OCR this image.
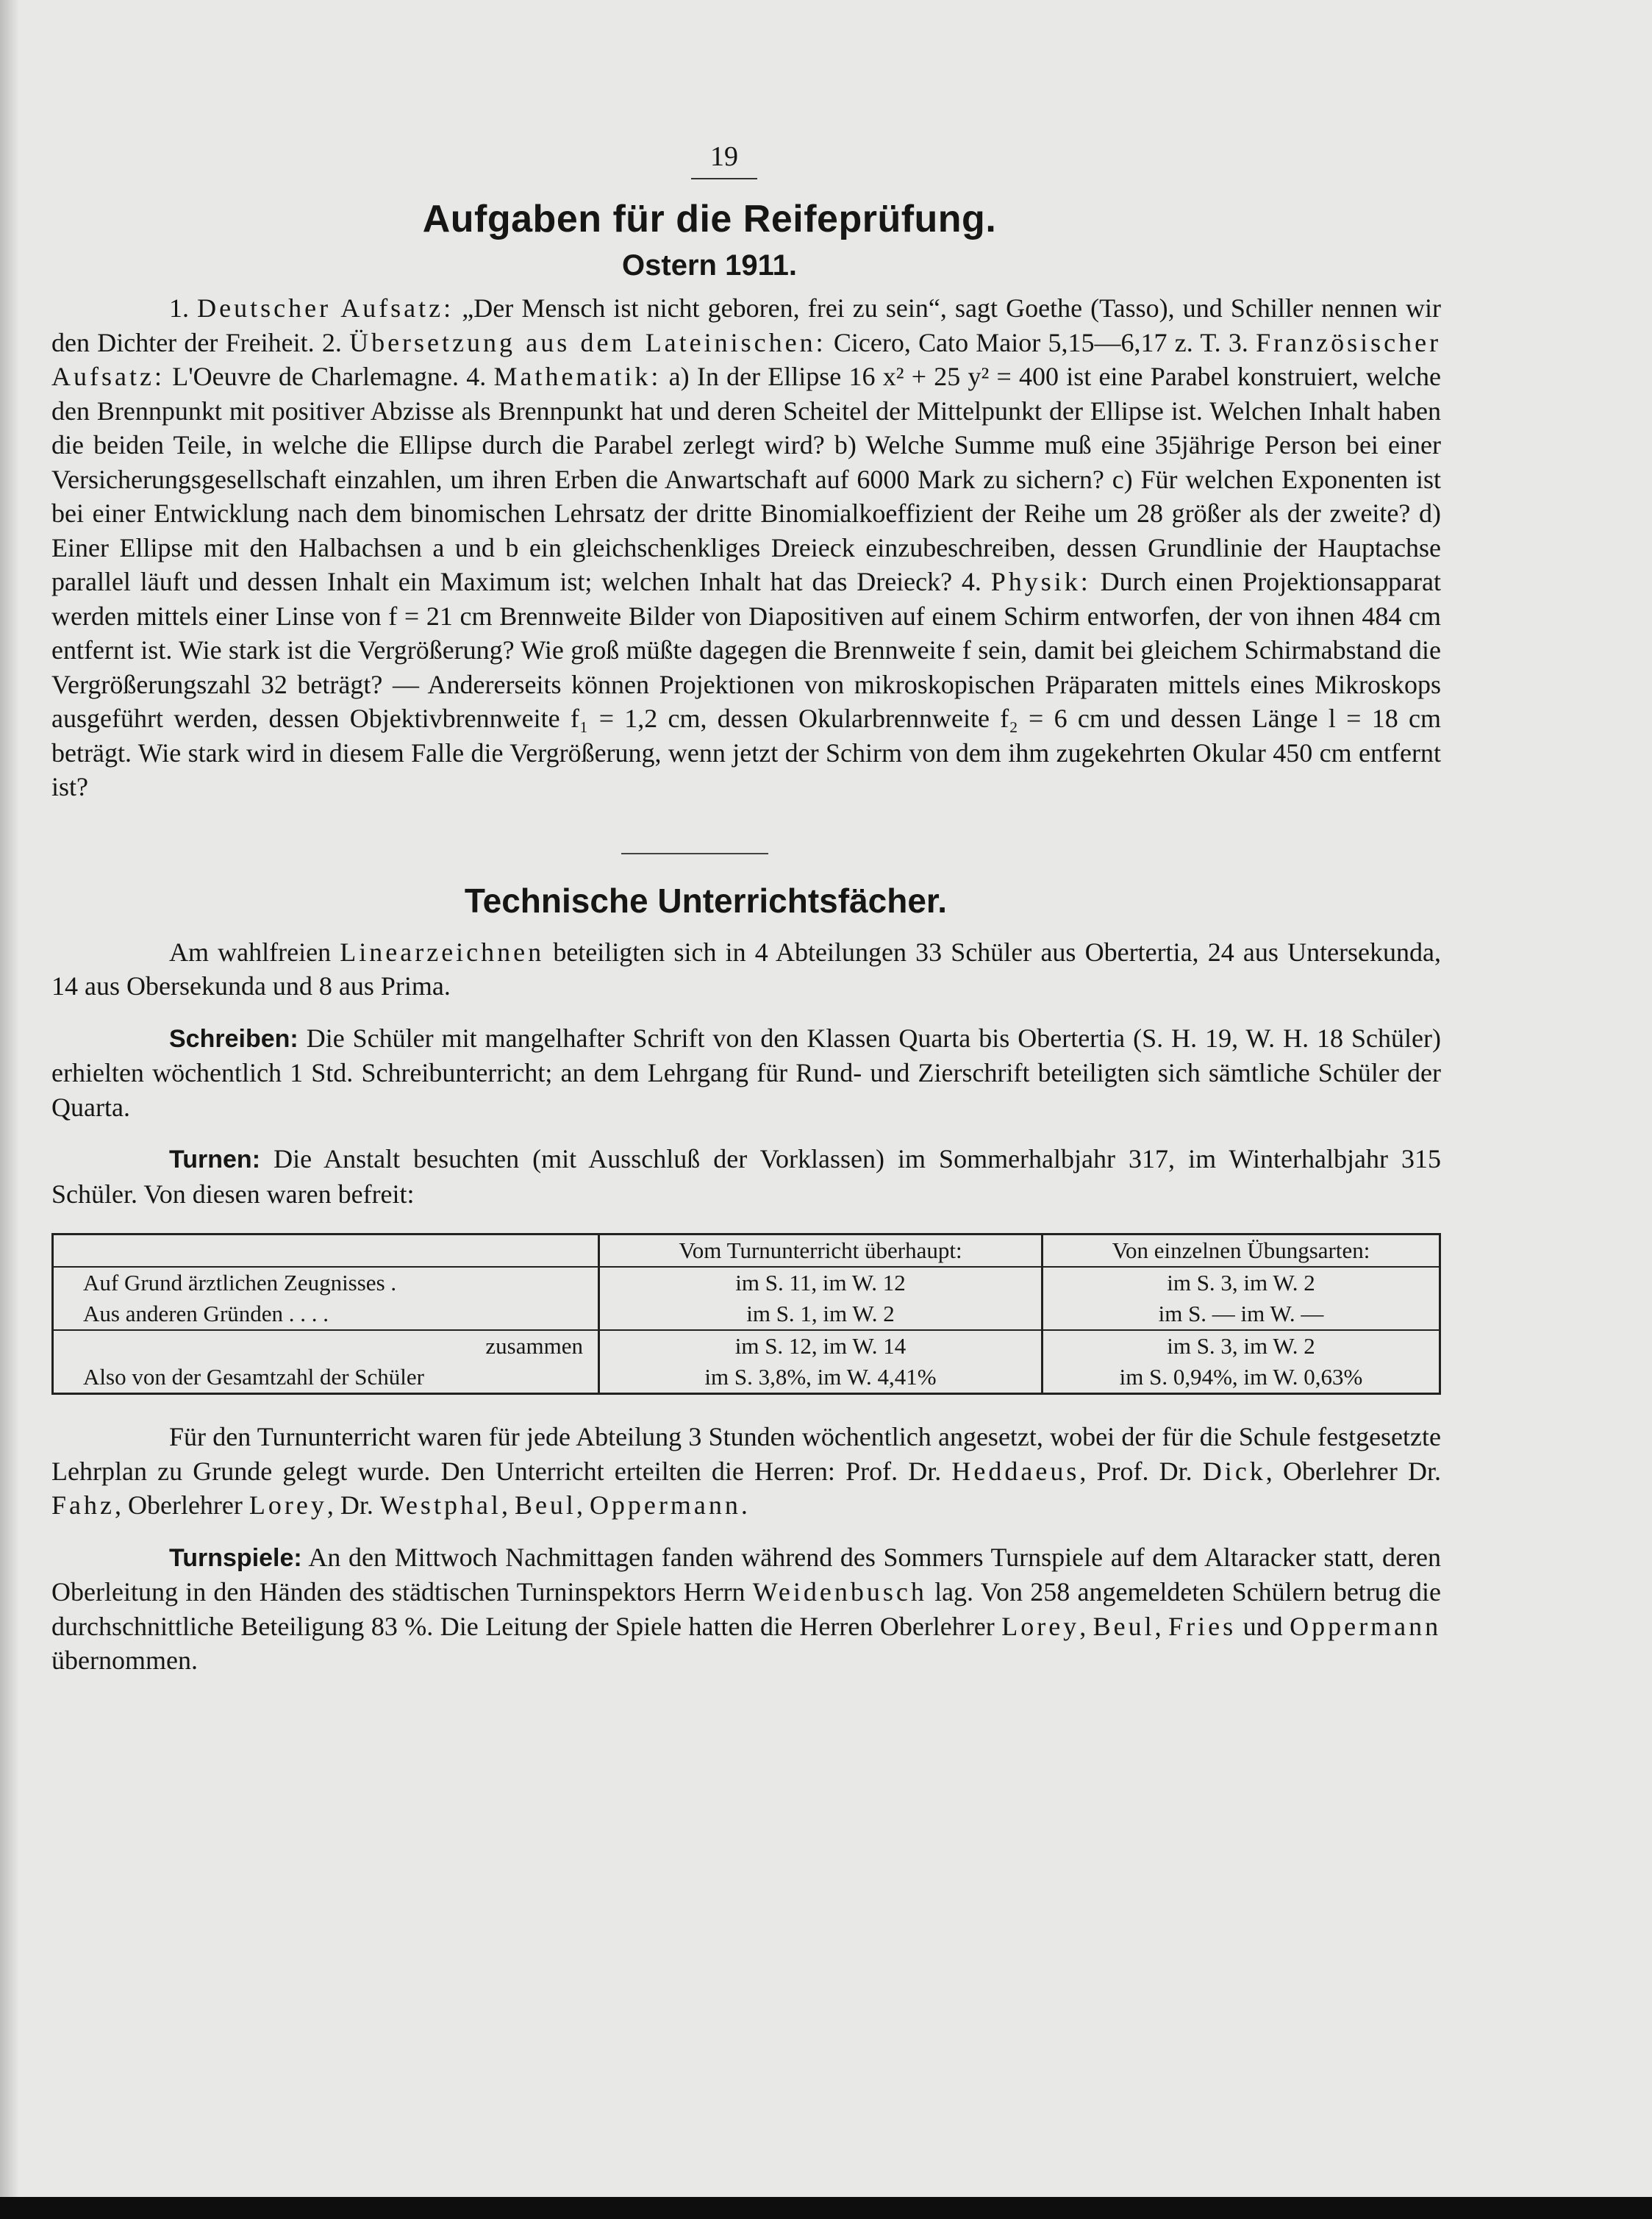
19
Aufgaben für die Reifeprüfung.
Ostern 1911.

1. Deutscher Aufsatz: „Der Mensch ist nicht geboren, frei zu sein“, sagt Goethe (Tasso), und Schiller nennen wir den Dichter der Freiheit. 2. Übersetzung aus dem Lateinischen: Cicero, Cato Maior 5,15—6,17 z. T. 3. Französischer Aufsatz: L'Oeuvre de Charlemagne. 4. Mathematik: a) In der Ellipse 16 x² + 25 y² = 400 ist eine Parabel konstruiert, welche den Brennpunkt mit positiver Abzisse als Brennpunkt hat und deren Scheitel der Mittelpunkt der Ellipse ist. Welchen Inhalt haben die beiden Teile, in welche die Ellipse durch die Parabel zerlegt wird? b) Welche Summe muß eine 35jährige Person bei einer Versicherungsgesellschaft einzahlen, um ihren Erben die Anwartschaft auf 6000 Mark zu sichern? c) Für welchen Exponenten ist bei einer Entwicklung nach dem binomischen Lehrsatz der dritte Binomialkoeffizient der Reihe um 28 größer als der zweite? d) Einer Ellipse mit den Halbachsen a und b ein gleichschenkliges Dreieck einzubeschreiben, dessen Grundlinie der Hauptachse parallel läuft und dessen Inhalt ein Maximum ist; welchen Inhalt hat das Dreieck? 4. Physik: Durch einen Projektionsapparat werden mittels einer Linse von f = 21 cm Brennweite Bilder von Diapositiven auf einem Schirm entworfen, der von ihnen 484 cm entfernt ist. Wie stark ist die Vergrößerung? Wie groß müßte dagegen die Brennweite f sein, damit bei gleichem Schirmabstand die Vergrößerungszahl 32 beträgt? — Andererseits können Projektionen von mikroskopischen Präparaten mittels eines Mikroskops ausgeführt werden, dessen Objektivbrennweite f₁ = 1,2 cm, dessen Okularbrennweite f₂ = 6 cm und dessen Länge l = 18 cm beträgt. Wie stark wird in diesem Falle die Vergrößerung, wenn jetzt der Schirm von dem ihm zugekehrten Okular 450 cm entfernt ist?

Technische Unterrichtsfächer.

Am wahlfreien Linearzeichnen beteiligten sich in 4 Abteilungen 33 Schüler aus Obertertia, 24 aus Untersekunda, 14 aus Obersekunda und 8 aus Prima.

Schreiben: Die Schüler mit mangelhafter Schrift von den Klassen Quarta bis Obertertia (S. H. 19, W. H. 18 Schüler) erhielten wöchentlich 1 Std. Schreibunterricht; an dem Lehrgang für Rund- und Zierschrift beteiligten sich sämtliche Schüler der Quarta.

Turnen: Die Anstalt besuchten (mit Ausschluß der Vorklassen) im Sommerhalbjahr 317, im Winterhalbjahr 315 Schüler. Von diesen waren befreit:

	Vom Turnunterricht überhaupt:	Von einzelnen Übungsarten:
Auf Grund ärztlichen Zeugnisses .	im S. 11, im W. 12	im S. 3, im W. 2
Aus anderen Gründen . . . .	im S. 1, im W. 2	im S. — im W. —
zusammen	im S. 12, im W. 14	im S. 3, im W. 2
Also von der Gesamtzahl der Schüler	im S. 3,8%, im W. 4,41%	im S. 0,94%, im W. 0,63%

Für den Turnunterricht waren für jede Abteilung 3 Stunden wöchentlich angesetzt, wobei der für die Schule festgesetzte Lehrplan zu Grunde gelegt wurde. Den Unterricht erteilten die Herren: Prof. Dr. Heddaeus, Prof. Dr. Dick, Oberlehrer Dr. Fahz, Oberlehrer Lorey, Dr. Westphal, Beul, Oppermann.

Turnspiele: An den Mittwoch Nachmittagen fanden während des Sommers Turnspiele auf dem Altaracker statt, deren Oberleitung in den Händen des städtischen Turninspektors Herrn Weidenbusch lag. Von 258 angemeldeten Schülern betrug die durchschnittliche Beteiligung 83 %. Die Leitung der Spiele hatten die Herren Oberlehrer Lorey, Beul, Fries und Oppermann übernommen.
